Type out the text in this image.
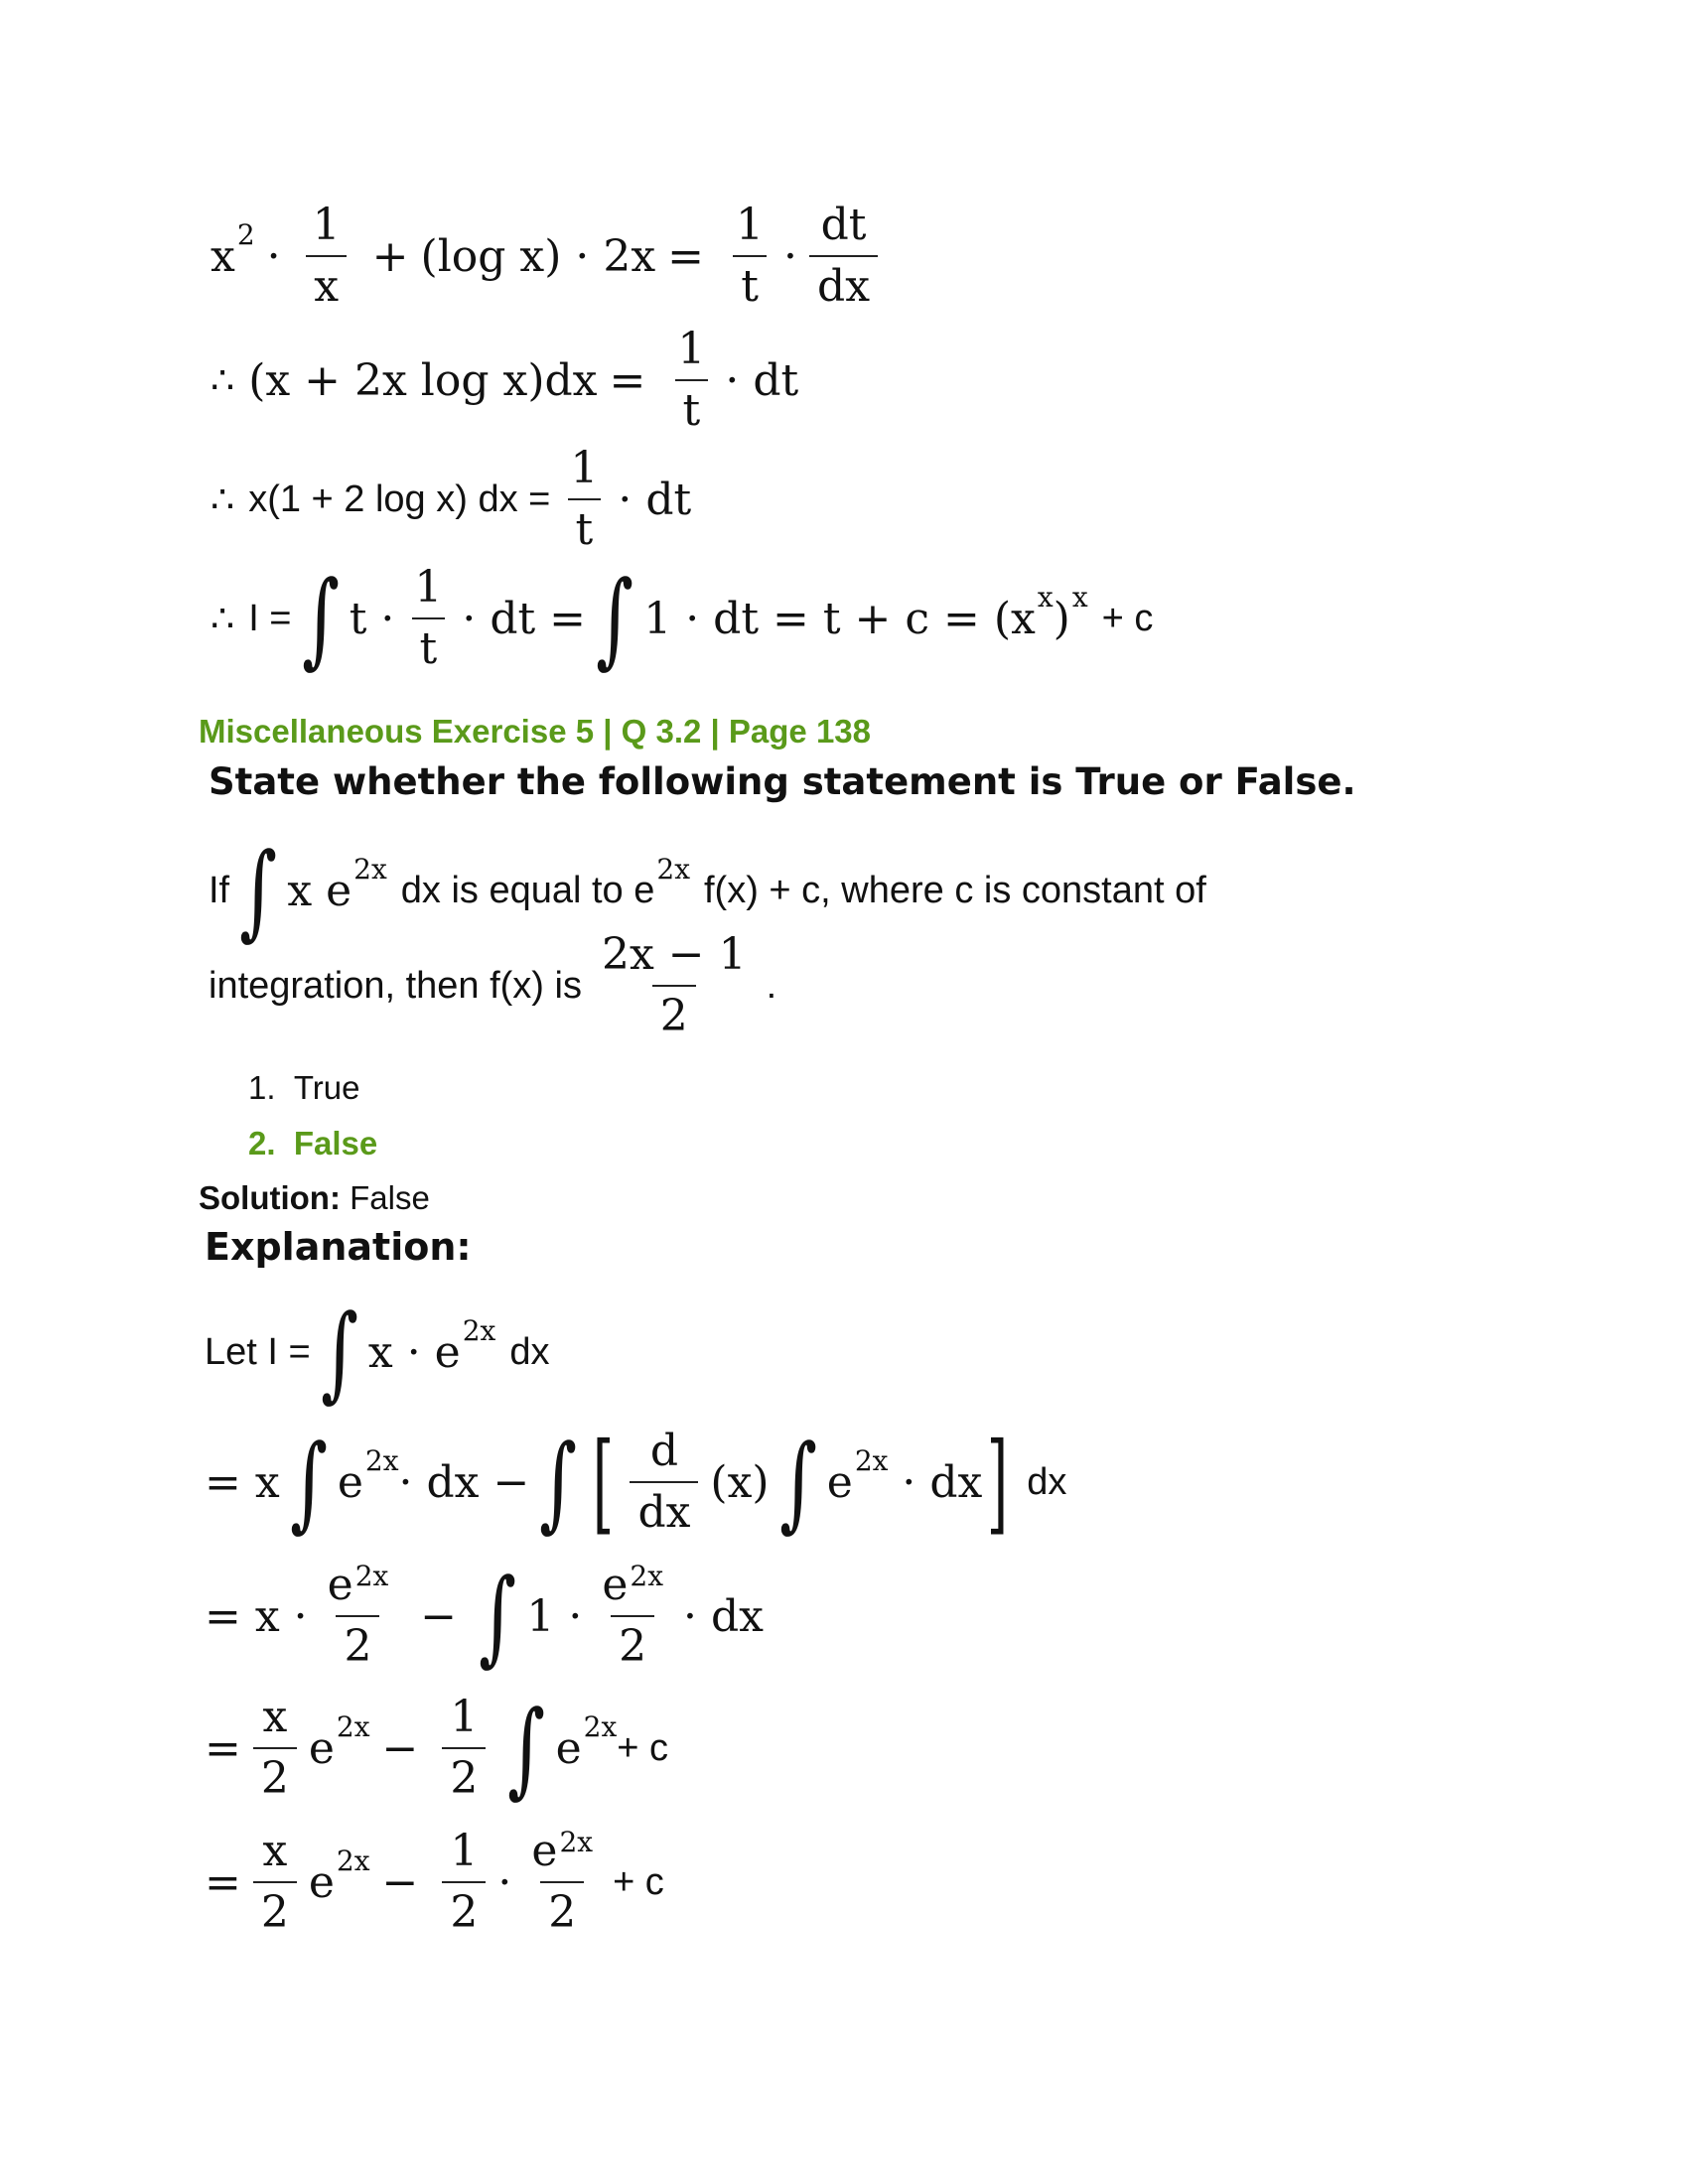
x $2 \cdot \frac{1}{x} + (\log$ $x) \cdot 2x = \frac{1}{t} \cdot \frac{dt}{dx}$
∴ (x + 2x $\log x)dx = \frac{1}{t}$ · dt
∴ x(1 + 2 log x) dx = $\frac{1}{t}$ · dt
∴ I = ∫ $t \cdot \frac{1}{t}$ · dt = ∫ 1 · dt = t + c = (x x ) x
+ c
Miscellaneous Exercise 5 | Q 3.2 | Page 138
State whether the following statement is True or False.
If ∫ x e 2x
dx is equal to e
2x
f(x) + c, where c is constant of
integration, then f(x) is $\frac{2x - 1}{2}$ .
1. True
2. False
Solution: False
Explanation:
Let I = ∫ x · e 2x
dx
= x ∫ e 2x · dx − ∫ [ $\frac{d}{dx} (x)$ ∫ e 2x · dx ] dx
= $x \cdot \frac{e^{2x}}{2}$ − ∫ $1 \cdot \frac{e^{2x}}{2}$ · dx
= $\frac{x}{2}$ e $2x - \frac{1}{2}$ ∫ e 2x
+ c
= $\frac{x}{2}$ e $2x - \frac{1}{2} \cdot \frac{e^{2x}}{2} + c$
